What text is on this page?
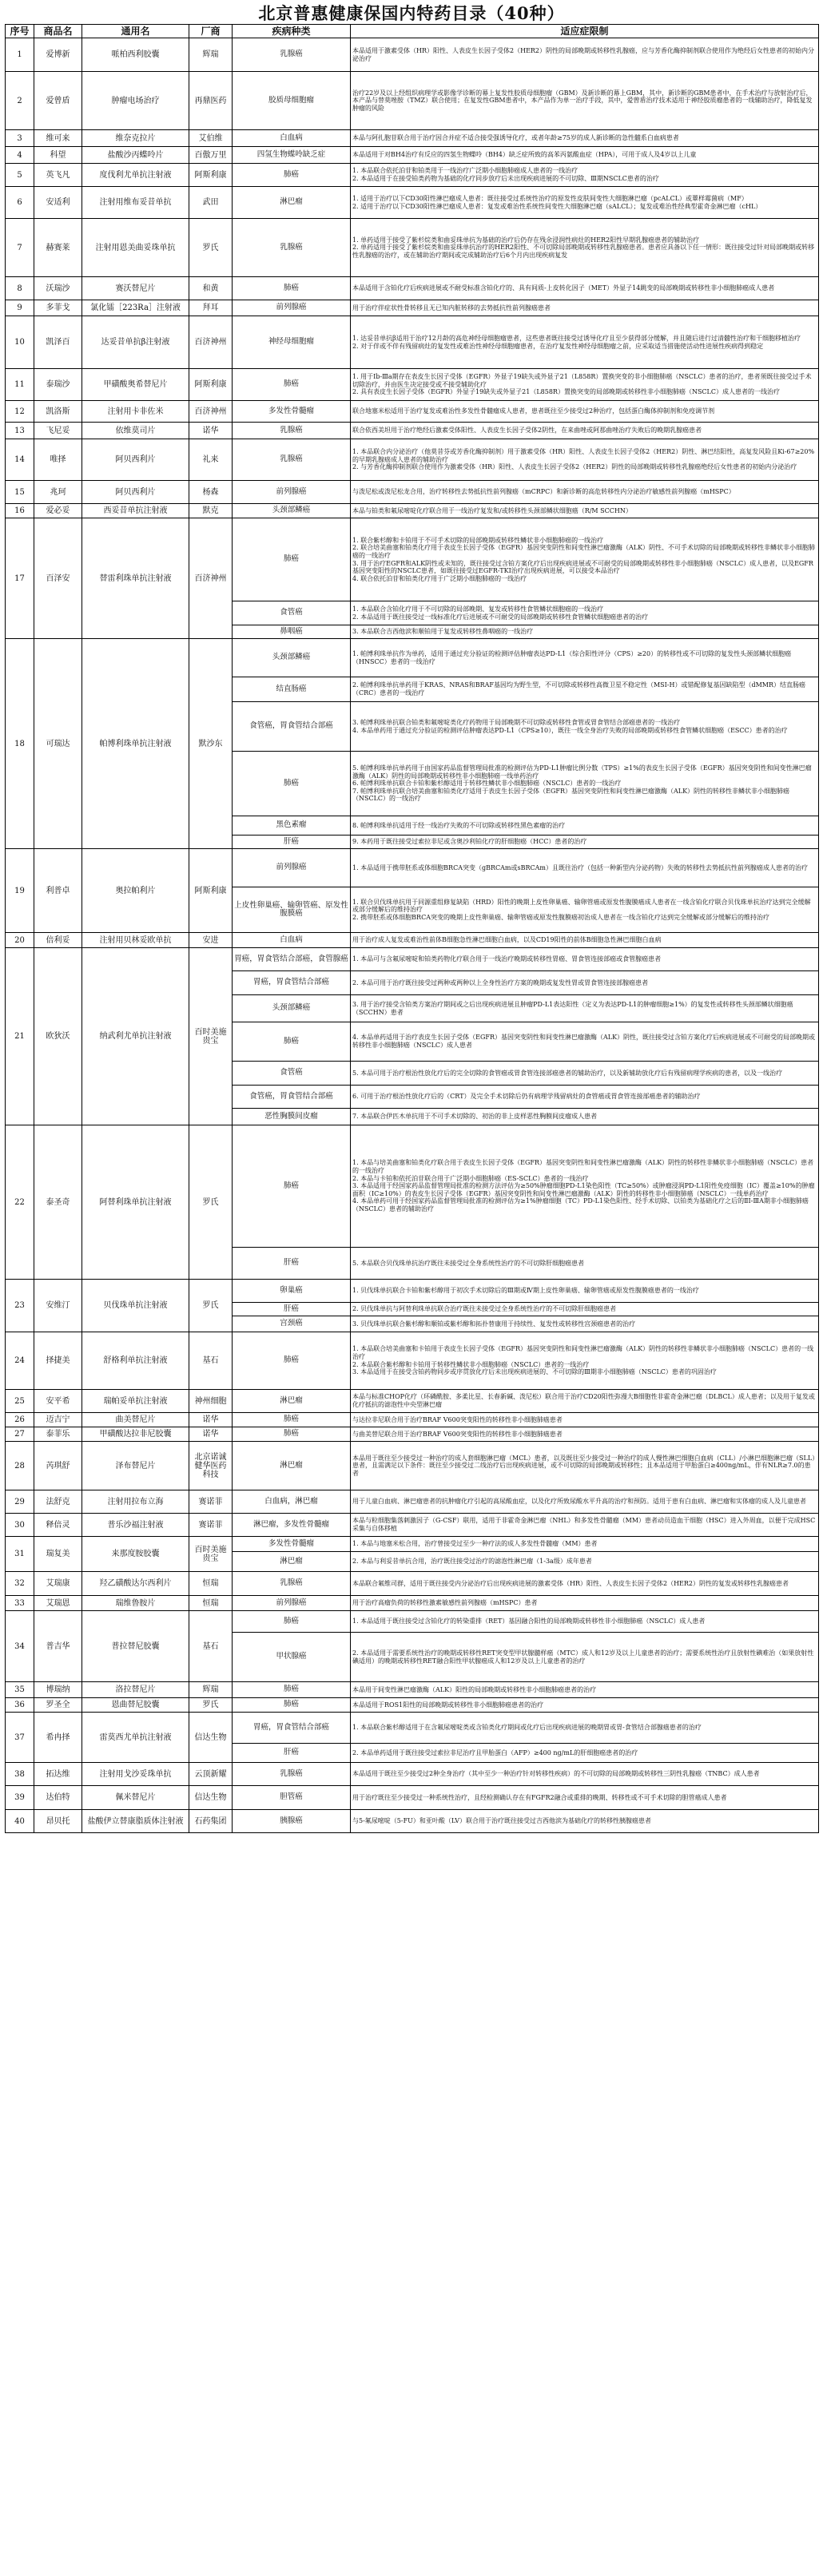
北京普惠健康保国内特药目录（40种）
序号	商品名	通用名	厂商	疾病种类	适应症限制
1	爱博新	哌柏西利胶囊	辉瑞	乳腺癌	本品适用于激素受体（HR）阳性、人表皮生长因子受体2（HER2）阴性的局部晚期或转移性乳腺癌，应与芳香化酶抑制剂联合使用作为绝经后女性患者的初始内分泌治疗

2	爱曾盾	肿瘤电场治疗	再鼎医药	胶质母细胞瘤	治疗22岁及以上经组织病理学或影像学诊断的幕上复发性胶质母细胞瘤（GBM）及新诊断的幕上GBM，其中，新诊断的GBM患者中，在手术治疗与放射治疗后，本产品与替莫唑胺（TMZ）联合使用；在复发性GBM患者中，本产品作为单一治疗手段，其中，爱曾盾治疗技术适用于神经胶质瘤患者的一线辅助治疗，降低复发肿瘤的风险

3	维可来	维奈克拉片	艾伯维	白血病	本品与阿扎胞苷联合用于治疗因合并症不适合接受强诱导化疗，或者年龄≥75岁的成人新诊断的急性髓系白血病患者

4	科望	盐酸沙丙蝶呤片	百傲万里	四氢生物蝶呤缺乏症	本品适用于对BH4治疗有反应的四氢生物蝶呤（BH4）缺乏症所致的高苯丙氨酸血症（HPA），可用于成人及4岁以上儿童

5	英飞凡	度伐利尤单抗注射液	阿斯利康	肺癌	1. 本品联合依托泊苷和铂类用于一线治疗广泛期小细胞肺癌成人患者的一线治疗
2. 本品适用于在接受铂类药物为基础的化疗同步放疗后未出现疾病进展的不可切除、Ⅲ期NSCLC患者的治疗

6	安适利	注射用维布妥昔单抗	武田	淋巴瘤	1. 适用于治疗以下CD30阳性淋巴瘤成人患者：既往接受过系统性治疗的原发性皮肤间变性大细胞淋巴瘤（pcALCL）或蕈样霉菌病（MF）
2. 适用于治疗以下CD30阳性淋巴瘤成人患者：复发或难治性系统性间变性大细胞淋巴瘤（sALCL）；复发或难治性经典型霍奇金淋巴瘤（cHL）

7	赫赛莱	注射用恩美曲妥珠单抗	罗氏	乳腺癌	1. 单药适用于接受了紫杉烷类和曲妥珠单抗为基础的治疗后仍存在残余浸润性病灶的HER2阳性早期乳腺癌患者的辅助治疗
2. 单药适用于接受了紫杉烷类和曲妥珠单抗治疗的HER2阳性、不可切除局部晚期或转移性乳腺癌患者。患者应具备以下任一情形：既往接受过针对局部晚期或转移性乳腺癌的治疗，或在辅助治疗期间或完成辅助治疗后6个月内出现疾病复发

8	沃瑞沙	赛沃替尼片	和黄	肺癌	本品适用于含铂化疗后疾病进展或不耐受标准含铂化疗的、具有间质-上皮转化因子（MET）外显子14跳变的局部晚期或转移性非小细胞肺癌成人患者

9	多菲戈	氯化镭［223Ra］注射液	拜耳	前列腺癌	用于治疗伴症状性骨转移且无已知内脏转移的去势抵抗性前列腺癌患者

10	凯泽百	达妥昔单抗β注射液	百济神州	神经母细胞瘤	1. 达妥昔单抗β适用于治疗12月龄的高危神经母细胞瘤患者，这些患者既往接受过诱导化疗且至少获得部分缓解，并且随后进行过清髓性治疗和干细胞移植治疗
2. 对于伴或不伴有残留病灶的复发性或难治性神经母细胞瘤患者，在治疗复发性神经母细胞瘤之前，应采取适当措施使活动性进展性疾病得到稳定

11	泰瑞沙	甲磺酸奥希替尼片	阿斯利康	肺癌	1. 用于Ⅰb-Ⅲa期存在表皮生长因子受体（EGFR）外显子19缺失或外显子21（L858R）置换突变的非小细胞肺癌（NSCLC）患者的治疗，患者须既往接受过手术切除治疗，并由医生决定接受或不接受辅助化疗
2. 具有表皮生长因子受体（EGFR）外显子19缺失或外显子21（L858R）置换突变的局部晚期或转移性非小细胞肺癌（NSCLC）成人患者的一线治疗

12	凯洛斯	注射用卡非佐米	百济神州	多发性骨髓瘤	联合地塞米松适用于治疗复发或难治性多发性骨髓瘤成人患者，患者既往至少接受过2种治疗，包括蛋白酶体抑制剂和免疫调节剂

13	飞尼妥	依维莫司片	诺华	乳腺癌	联合依西美坦用于治疗绝经后激素受体阳性、人表皮生长因子受体2阴性，在来曲唑或阿那曲唑治疗失败后的晚期乳腺癌患者

14	唯择	阿贝西利片	礼来	乳腺癌	1. 本品联合内分泌治疗（他莫昔芬或芳香化酶抑制剂）用于激素受体（HR）阳性、人表皮生长因子受体2（HER2）阴性、淋巴结阳性，高复发风险且Ki-67≥20%的早期乳腺癌成人患者的辅助治疗
2. 与芳香化酶抑制剂联合使用作为激素受体（HR）阳性、人表皮生长因子受体2（HER2）阴性的局部晚期或转移性乳腺癌绝经后女性患者的初始内分泌治疗

15	兆珂	阿贝西利片	杨森	前列腺癌	与泼尼松或泼尼松龙合用，治疗转移性去势抵抗性前列腺癌（mCRPC）和新诊断的高危转移性内分泌治疗敏感性前列腺癌（mHSPC）

16	爱必妥	西妥昔单抗注射液	默克	头颈部鳞癌	本品与铂类和氟尿嘧啶化疗联合用于一线治疗复发和/或转移性头颈部鳞状细胞癌（R/M SCCHN）

17	百泽安	替雷利珠单抗注射液	百济神州	肺癌	1. 联合紫杉醇和卡铂用于不可手术切除的局部晚期或转移性鳞状非小细胞肺癌的一线治疗
2. 联合培美曲塞和铂类化疗用于表皮生长因子受体（EGFR）基因突变阴性和间变性淋巴瘤激酶（ALK）阴性、不可手术切除的局部晚期或转移性非鳞状非小细胞肺癌的一线治疗
3. 用于治疗EGFR和ALK阴性或未知的，既往接受过含铂方案化疗后出现疾病进展或不可耐受的局部晚期或转移性非小细胞肺癌（NSCLC）成人患者，以及EGFR基因突变阳性的NSCLC患者，如既往接受过EGFR-TKI治疗出现疾病进展，可以接受本品治疗
4. 联合依托泊苷和铂类化疗用于广泛期小细胞肺癌的一线治疗

				食管癌	1. 本品联合含铂化疗用于不可切除的局部晚期、复发或转移性食管鳞状细胞癌的一线治疗
2. 本品适用于既往接受过一线标准化疗后进展或不可耐受的局部晚期或转移性食管鳞状细胞癌患者的治疗

				鼻咽癌	3. 本品联合吉西他滨和顺铂用于复发或转移性鼻咽癌的一线治疗

18	可瑞达	帕博利珠单抗注射液	默沙东	头颈部鳞癌	1. 帕博利珠单抗作为单药，适用于通过充分验证的检测评估肿瘤表达PD-L1（综合阳性评分（CPS）≥20）的转移性或不可切除的复发性头颈部鳞状细胞癌（HNSCC）患者的一线治疗

				结直肠癌	2. 帕博利珠单抗单药用于KRAS、NRAS和BRAF基因均为野生型，不可切除或转移性高微卫星不稳定性（MSI-H）或错配修复基因缺陷型（dMMR）结直肠癌（CRC）患者的一线治疗

				食管癌，胃食管结合部癌	3. 帕博利珠单抗联合铂类和氟嘧啶类化疗药物用于局部晚期不可切除或转移性食管或胃食管结合部癌患者的一线治疗
4. 本品单药用于通过充分验证的检测评估肿瘤表达PD-L1（CPS≥10），既往一线全身治疗失败的局部晚期或转移性食管鳞状细胞癌（ESCC）患者的治疗

				肺癌	5. 帕博利珠单抗单药用于由国家药品监督管理局批准的检测评估为PD-L1肿瘤比例分数（TPS）≥1%的表皮生长因子受体（EGFR）基因突变阴性和间变性淋巴瘤激酶（ALK）阴性的局部晚期或转移性非小细胞肺癌一线单药治疗
6. 帕博利珠单抗联合卡铂和紫杉醇适用于转移性鳞状非小细胞肺癌（NSCLC）患者的一线治疗
7. 帕博利珠单抗联合培美曲塞和铂类化疗适用于表皮生长因子受体（EGFR）基因突变阴性和间变性淋巴瘤激酶（ALK）阴性的转移性非鳞状非小细胞肺癌（NSCLC）的一线治疗

				黑色素瘤	8. 帕博利珠单抗适用于经一线治疗失败的不可切除或转移性黑色素瘤的治疗

				肝癌	9. 本药用于既往接受过索拉非尼或含奥沙利铂化疗的肝细胞癌（HCC）患者的治疗

19	利普卓	奥拉帕利片	阿斯利康	前列腺癌	1. 本品适用于携带胚系或体细胞BRCA突变（gBRCAm或sBRCAm）且既往治疗（包括一种新型内分泌药物）失败的转移性去势抵抗性前列腺癌成人患者的治疗

				上皮性卵巢癌、输卵管癌、原发性腹膜癌	1. 联合贝伐珠单抗用于同源重组修复缺陷（HRD）阳性的晚期上皮性卵巢癌、输卵管癌或原发性腹膜癌成人患者在一线含铂化疗联合贝伐珠单抗治疗达到完全缓解或部分缓解后的维持治疗
2. 携带胚系或体细胞BRCA突变的晚期上皮性卵巢癌、输卵管癌或原发性腹膜癌初治成人患者在一线含铂化疗达到完全缓解或部分缓解后的维持治疗

20	倍利妥	注射用贝林妥欧单抗	安进	白血病	用于治疗成人复发或难治性前体B细胞急性淋巴细胞白血病，以及CD19阳性的前体B细胞急性淋巴细胞白血病

21	欧狄沃	纳武利尤单抗注射液	百时美施贵宝	胃癌，胃食管结合部癌，食管腺癌	1. 本品可与含氟尿嘧啶和铂类药物化疗联合用于一线治疗晚期或转移性胃癌、胃食管连接部癌或食管腺癌患者

				胃癌，胃食管结合部癌	2. 本品可用于治疗既往接受过两种或两种以上全身性治疗方案的晚期或复发性胃或胃食管连接部腺癌患者

				头颈部鳞癌	3. 用于治疗接受含铂类方案治疗期间或之后出现疾病进展且肿瘤PD-L1表达阳性（定义为表达PD-L1的肿瘤细胞≥1%）的复发性或转移性头颈部鳞状细胞癌（SCCHN）患者

				肺癌	4. 本品单药适用于治疗表皮生长因子受体（EGFR）基因突变阴性和间变性淋巴瘤激酶（ALK）阴性，既往接受过含铂方案化疗后疾病进展或不可耐受的局部晚期或转移性非小细胞肺癌（NSCLC）成人患者

				食管癌	5. 本品可用于治疗根治性放化疗后的完全切除的食管癌或胃食管连接部癌患者的辅助治疗，以及新辅助放化疗后有残留病理学疾病的患者，以及一线治疗

				食管癌，胃食管结合部癌	6. 可用于治疗根治性放化疗后的（CRT）及完全手术切除后仍有病理学残留病灶的食管癌或胃食管连接部癌患者的辅助治疗

				恶性胸膜间皮瘤	7. 本品联合伊匹木单抗用于不可手术切除的、初治的非上皮样恶性胸膜间皮瘤成人患者

22	泰圣奇	阿替利珠单抗注射液	罗氏	肺癌	1. 本品与培美曲塞和铂类化疗联合用于表皮生长因子受体（EGFR）基因突变阴性和间变性淋巴瘤激酶（ALK）阴性的转移性非鳞状非小细胞肺癌（NSCLC）患者的一线治疗
2. 本品与卡铂和依托泊苷联合用于广泛期小细胞肺癌（ES-SCLC）患者的一线治疗
3. 本品适用于经国家药品监督管理局批准的检测方法评估为≥50%肿瘤细胞PD-L1染色阳性（TC≥50%）或肿瘤浸润PD-L1阳性免疫细胞（IC）覆盖≥10%的肿瘤面积（IC≥10%）的表皮生长因子受体（EGFR）基因突变阴性和间变性淋巴瘤激酶（ALK）阴性的转移性非小细胞肺癌（NSCLC）一线单药治疗
4. 本品单药可用于经国家药品监督管理局批准的检测评估为≥1%肿瘤细胞（TC）PD-L1染色阳性、经手术切除、以铂类为基础化疗之后的ⅡⅠ-ⅢA期非小细胞肺癌（NSCLC）患者的辅助治疗

				肝癌	5. 本品联合贝伐珠单抗治疗既往未接受过全身系统性治疗的不可切除肝细胞癌患者

23	安维汀	贝伐珠单抗注射液	罗氏	卵巢癌	1. 贝伐珠单抗联合卡铂和紫杉醇用于初次手术切除后的Ⅲ期或Ⅳ期上皮性卵巢癌、输卵管癌或原发性腹膜癌患者的一线治疗

				肝癌	2. 贝伐珠单抗与阿替利珠单抗联合治疗既往未接受过全身系统性治疗的不可切除肝细胞癌患者

				宫颈癌	3. 贝伐珠单抗联合紫杉醇和顺铂或紫杉醇和拓扑替康用于持续性、复发性或转移性宫颈癌患者的治疗

24	择捷美	舒格利单抗注射液	基石	肺癌	1. 本品联合培美曲塞和卡铂用于表皮生长因子受体（EGFR）基因突变阴性和间变性淋巴瘤激酶（ALK）阴性的转移性非鳞状非小细胞肺癌（NSCLC）患者的一线治疗
2. 本品联合紫杉醇和卡铂用于转移性鳞状非小细胞肺癌（NSCLC）患者的一线治疗
3. 本品适用于在接受含铂药物同步或序贯放化疗后未出现疾病进展的、不可切除的Ⅲ期非小细胞肺癌（NSCLC）患者的巩固治疗

25	安平希	瑞帕妥单抗注射液	神州细胞	淋巴瘤	本品与标准CHOP化疗（环磷酰胺、多柔比星、长春新碱、泼尼松）联合用于治疗CD20阳性弥漫大B细胞性非霍奇金淋巴瘤（DLBCL）成人患者；以及用于复发或化疗抵抗的滤泡性中央型淋巴瘤

26	迈吉宁	曲美替尼片	诺华	肺癌	与达拉非尼联合用于治疗BRAF V600突变阳性的转移性非小细胞肺癌患者

27	泰菲乐	甲磺酸达拉非尼胶囊	诺华	肺癌	与曲美替尼联合用于治疗BRAF V600突变阳性的转移性非小细胞肺癌患者

28	芮琪舒	泽布替尼片	北京诺诚健华医药科技	淋巴瘤	本品用于既往至少接受过一种治疗的成人套细胞淋巴瘤（MCL）患者，以及既往至少接受过一种治疗的成人慢性淋巴细胞白血病（CLL）/小淋巴细胞淋巴瘤（SLL）患者，且需满足以下条件：既往至少接受过二线治疗后出现疾病进展，或不可切除的局部晚期或转移性；且本品适用于甲胎蛋白≥400ng/mL，伴有NLR≥7.0的患者

29	法舒克	注射用拉布立海	赛诺菲	白血病，淋巴瘤	用于儿童白血病、淋巴瘤患者的抗肿瘤化疗引起的高尿酸血症，以及化疗所致尿酸水平升高的治疗和预防。适用于患有白血病、淋巴瘤和实体瘤的成人及儿童患者

30	释倍灵	普乐沙福注射液	赛诺菲	淋巴瘤，多发性骨髓瘤	本品与粒细胞集落刺激因子（G-CSF）联用，适用于非霍奇金淋巴瘤（NHL）和多发性骨髓瘤（MM）患者动员造血干细胞（HSC）进入外周血，以便于完成HSC采集与自体移植

31	瑞复美	来那度胺胶囊	百时美施贵宝	多发性骨髓瘤	1. 本品与地塞米松合用，治疗曾接受过至少一种疗法的成人多发性骨髓瘤（MM）患者

				淋巴瘤	2. 本品与利妥昔单抗合用，治疗既往接受过治疗的滤泡性淋巴瘤（1-3a级）成年患者

32	艾瑞康	羟乙磺酸达尔西利片	恒瑞	乳腺癌	本品联合氟维司群，适用于既往接受内分泌治疗后出现疾病进展的激素受体（HR）阳性、人表皮生长因子受体2（HER2）阴性的复发或转移性乳腺癌患者

33	艾瑞恩	瑞维鲁胺片	恒瑞	前列腺癌	用于治疗高瘤负荷的转移性激素敏感性前列腺癌（mHSPC）患者

34	普吉华	普拉替尼胶囊	基石	肺癌	1. 本品适用于既往接受过含铂化疗的转染重排（RET）基因融合阳性的局部晚期或转移性非小细胞肺癌（NSCLC）成人患者

				甲状腺癌	2. 本品适用于需要系统性治疗的晚期或转移性RET突变型甲状腺髓样癌（MTC）成人和12岁及以上儿童患者的治疗；需要系统性治疗且放射性碘难治（如果放射性碘适用）的晚期或转移性RET融合阳性甲状腺癌成人和12岁及以上儿童患者的治疗

35	博瑞纳	洛拉替尼片	辉瑞	肺癌	本品用于间变性淋巴瘤激酶（ALK）阳性的局部晚期或转移性非小细胞肺癌患者的治疗

36	罗圣全	恩曲替尼胶囊	罗氏	肺癌	本品适用于ROS1阳性的局部晚期或转移性非小细胞肺癌患者的治疗

37	希冉择	雷莫西尤单抗注射液	信达生物	胃癌，胃食管结合部癌	1. 本品联合紫杉醇适用于在含氟尿嘧啶类或含铂类化疗期间或化疗后出现疾病进展的晚期胃或胃-食管结合部腺癌患者的治疗

				肝癌	2. 本品单药适用于既往接受过索拉非尼治疗且甲胎蛋白（AFP）≥400 ng/mL的肝细胞癌患者的治疗

38	拓达维	注射用戈沙妥珠单抗	云顶新耀	乳腺癌	本品适用于既往至少接受过2种全身治疗（其中至少一种治疗针对转移性疾病）的不可切除的局部晚期或转移性三阴性乳腺癌（TNBC）成人患者

39	达伯特	佩米替尼片	信达生物	胆管癌	用于治疗既往至少接受过一种系统性治疗，且经检测确认存在有FGFR2融合或重排的晚期、转移性或不可手术切除的胆管癌成人患者

40	昂贝托	盐酸伊立替康脂质体注射液	石药集团	胰腺癌	与5-氟尿嘧啶（5-FU）和亚叶酸（LV）联合用于治疗既往接受过吉西他滨为基础化疗的转移性胰腺癌患者
